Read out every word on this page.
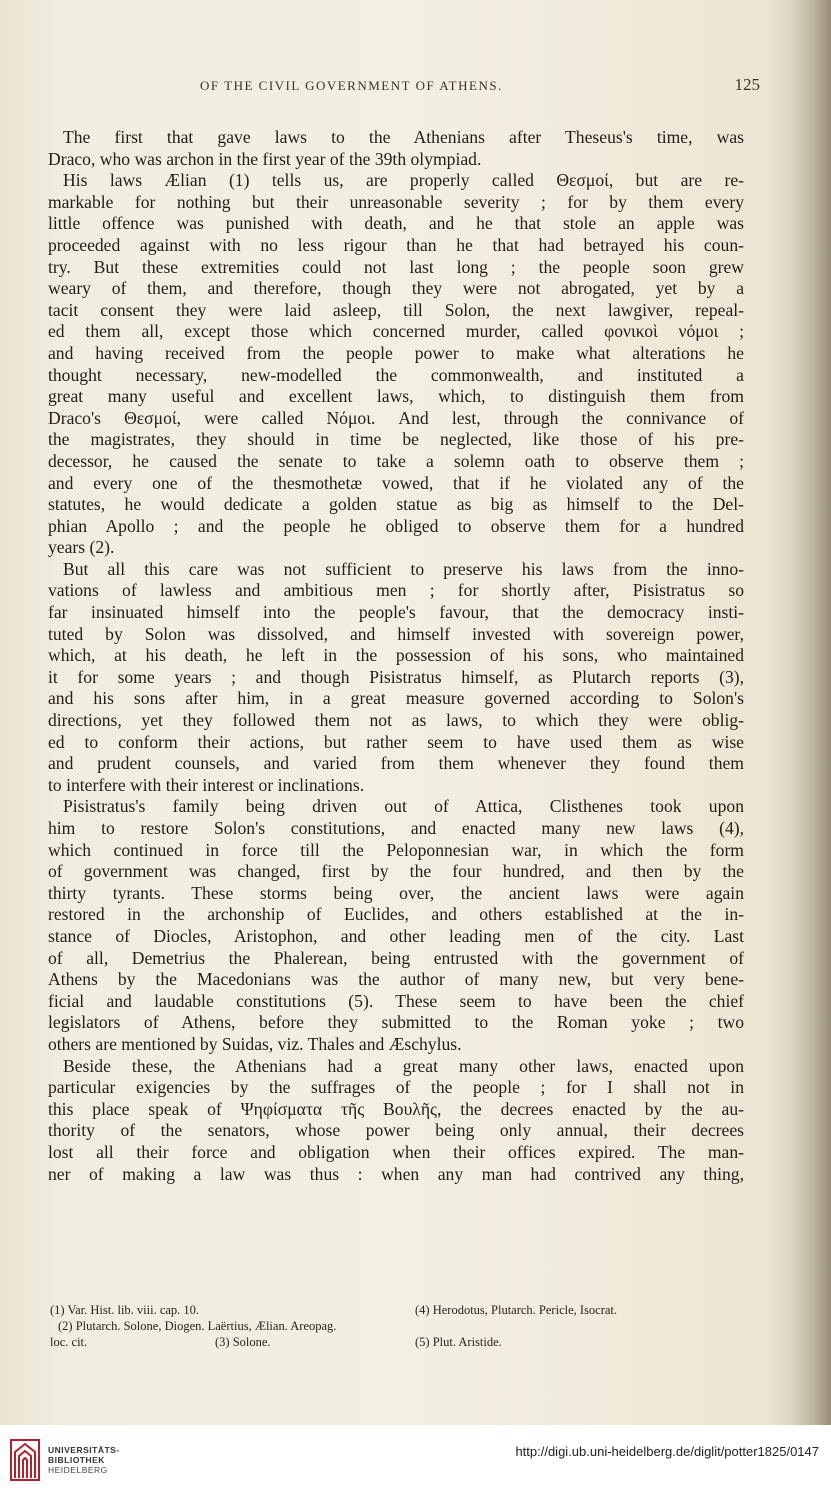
OF THE CIVIL GOVERNMENT OF ATHENS.	125
The first that gave laws to the Athenians after Theseus's time, was
Draco, who was archon in the first year of the 39th olympiad.
His laws Ælian (1) tells us, are properly called Θεσμοί, but are re-
markable for nothing but their unreasonable severity ; for by them every
little offence was punished with death, and he that stole an apple was
proceeded against with no less rigour than he that had betrayed his coun-
try. But these extremities could not last long ; the people soon grew
weary of them, and therefore, though they were not abrogated, yet by a
tacit consent they were laid asleep, till Solon, the next lawgiver, repeal-
ed them all, except those which concerned murder, called φονικοὶ νόμοι ;
and having received from the people power to make what alterations he
thought necessary, new-modelled the commonwealth, and instituted a
great many useful and excellent laws, which, to distinguish them from
Draco's Θεσμοί, were called Νόμοι. And lest, through the connivance of
the magistrates, they should in time be neglected, like those of his pre-
decessor, he caused the senate to take a solemn oath to observe them ;
and every one of the thesmothetæ vowed, that if he violated any of the
statutes, he would dedicate a golden statue as big as himself to the Del-
phian Apollo ; and the people he obliged to observe them for a hundred
years (2).
But all this care was not sufficient to preserve his laws from the inno-
vations of lawless and ambitious men ; for shortly after, Pisistratus so
far insinuated himself into the people's favour, that the democracy insti-
tuted by Solon was dissolved, and himself invested with sovereign power,
which, at his death, he left in the possession of his sons, who maintained
it for some years ; and though Pisistratus himself, as Plutarch reports (3),
and his sons after him, in a great measure governed according to Solon's
directions, yet they followed them not as laws, to which they were oblig-
ed to conform their actions, but rather seem to have used them as wise
and prudent counsels, and varied from them whenever they found them
to interfere with their interest or inclinations.
Pisistratus's family being driven out of Attica, Clisthenes took upon
him to restore Solon's constitutions, and enacted many new laws (4),
which continued in force till the Peloponnesian war, in which the form
of government was changed, first by the four hundred, and then by the
thirty tyrants. These storms being over, the ancient laws were again
restored in the archonship of Euclides, and others established at the in-
stance of Diocles, Aristophon, and other leading men of the city. Last
of all, Demetrius the Phalerean, being entrusted with the government of
Athens by the Macedonians was the author of many new, but very bene-
ficial and laudable constitutions (5). These seem to have been the chief
legislators of Athens, before they submitted to the Roman yoke ; two
others are mentioned by Suidas, viz. Thales and Æschylus.
Beside these, the Athenians had a great many other laws, enacted upon
particular exigencies by the suffrages of the people ; for I shall not in
this place speak of Ψηφίσματα τῆς Βουλῆς, the decrees enacted by the au-
thority of the senators, whose power being only annual, their decrees
lost all their force and obligation when their offices expired. The man-
ner of making a law was thus : when any man had contrived any thing,
(1) Var. Hist. lib. viii. cap. 10.	(4) Herodotus, Plutarch. Pericle, Isocrat.
(2) Plutarch. Solone, Diogen. Laërtius, Ælian. Areopag.
loc. cit.	(3) Solone.	(5) Plut. Aristide.
UNIVERSITÄTS-
BIBLIOTHEK
HEIDELBERG
http://digi.ub.uni-heidelberg.de/diglit/potter1825/0147
